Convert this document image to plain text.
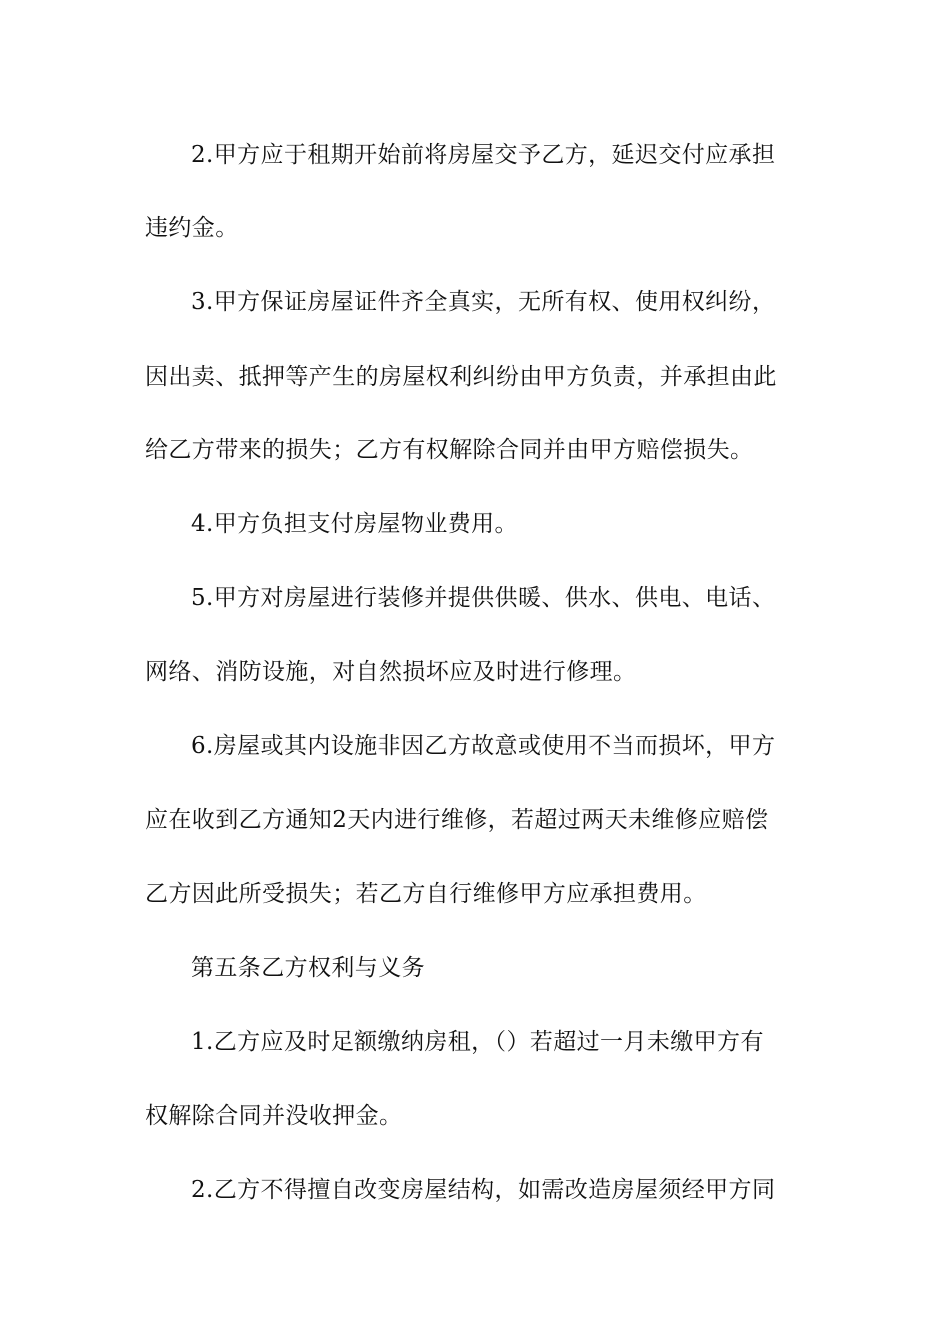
2.甲方应于租期开始前将房屋交予乙方，延迟交付应承担
违约金。
3.甲方保证房屋证件齐全真实，无所有权、使用权纠纷，
因出卖、抵押等产生的房屋权利纠纷由甲方负责，并承担由此
给乙方带来的损失；乙方有权解除合同并由甲方赔偿损失。
4.甲方负担支付房屋物业费用。
5.甲方对房屋进行装修并提供供暖、供水、供电、电话、
网络、消防设施，对自然损坏应及时进行修理。
6.房屋或其内设施非因乙方故意或使用不当而损坏，甲方
应在收到乙方通知2天内进行维修，若超过两天未维修应赔偿
乙方因此所受损失；若乙方自行维修甲方应承担费用。
第五条乙方权利与义务
1.乙方应及时足额缴纳房租，（）若超过一月未缴甲方有
权解除合同并没收押金。
2.乙方不得擅自改变房屋结构，如需改造房屋须经甲方同
